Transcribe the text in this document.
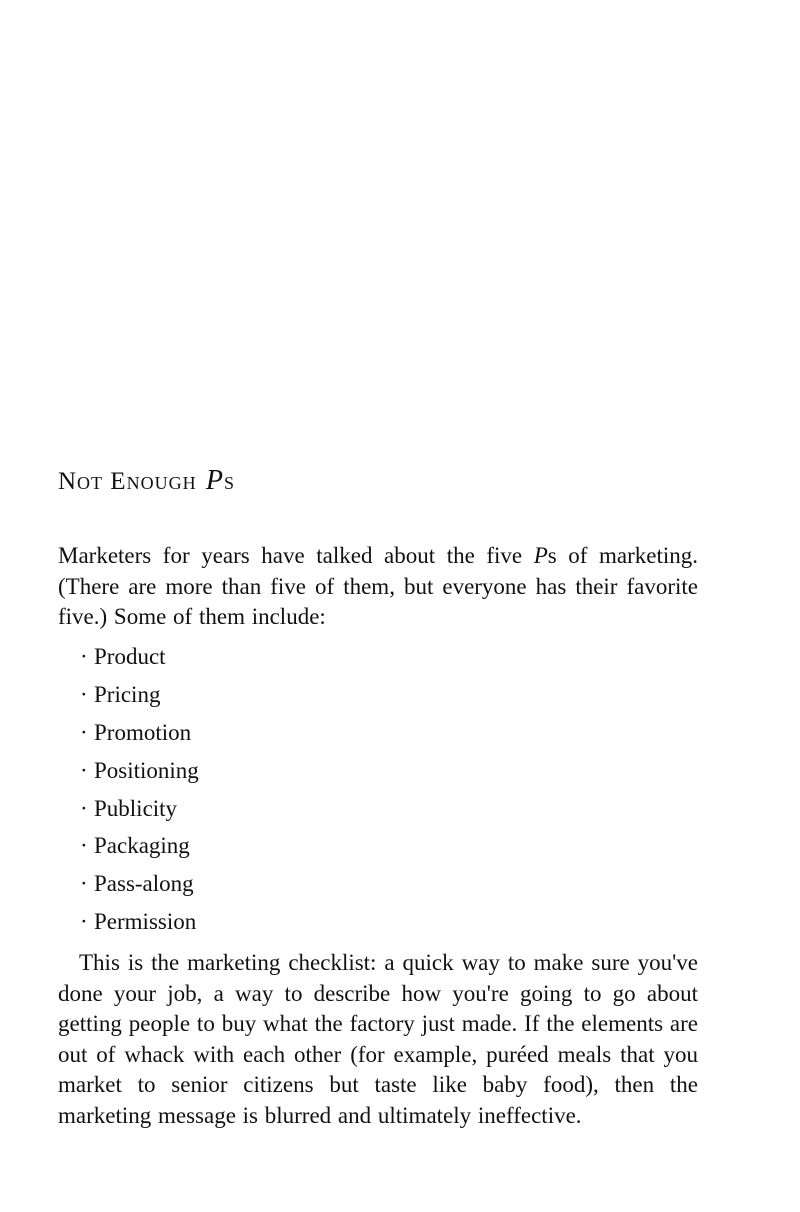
Not Enough Ps

Marketers for years have talked about the five Ps of marketing. (There are more than five of them, but everyone has their favorite five.) Some of them include:

· Product
· Pricing
· Promotion
· Positioning
· Publicity
· Packaging
· Pass-along
· Permission

This is the marketing checklist: a quick way to make sure you've done your job, a way to describe how you're going to go about getting people to buy what the factory just made. If the elements are out of whack with each other (for example, puréed meals that you market to senior citizens but taste like baby food), then the marketing message is blurred and ultimately ineffective.
